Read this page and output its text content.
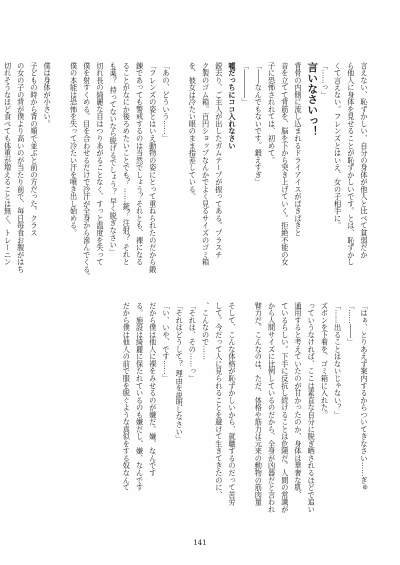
言えない、恥ずかしい、自分の身体が他人と比べて貧弱だか
ら他人に身体を見せることが恥ずかしいです。とは、恥ずかし
くて言えない。フレンズとはいえ、女の子相手に。
「……っ」
言いなさいっ！
背骨の内側に流し込まれるドライアイスがぱきぱきと
音を立てて背筋を、脳を下から突き上げていく。拒絶不能の女
子に恐怖されれては、初めて。
「――なんでもないです。鍛えすぎ」
「――――」
嘘だっちにココ入れなさい
鋭去り、ご主人が出したガムテープが振ってある。プラスチ
ク製のゴム箱。百円ショップなんかでよく見るサイズのゴミ箱
を、彼女は冷たい眼のまま指差している。

「あの、どういう……」
「フレンズの姿とはいえ動物の姿にとって重ねられたのだから鍛
錬であっても警戒するのは当然でしょう？それとも、裸になる
ることがなにか後ろめたいことでも？ ……銃？ 注射？ それと
も薬？ 持ってないなら脱げるでしょう？ 早く脱ぎなさい」
切れ長の綺麗な目はつりあがることなく、すっと温度を失って
僕を射すくめる。目を合わせるだけで冷汗が全身から滲んでくる。
僕の本能は恐怖を失って冷たい汗を噴き出し始める。

僕は身体が小さい。
子どもの時から背の順で並ぶと前の方だった。クラス
の女の子の背が僕より高いのが当たり前で、毎日毎食お腹がはち
切れそうなほど食べても体重が増えることは無く、トレーニン
「はぁ、とりあえず案内するからついてきなさい……ぎゅ
「……――」
「……出ることはないじゃない？」
ズボンを下着を、ゴミ箱に入れた。
っていうなければ、ここは素直な自分に脱ぎ晒されるほどで追い
通用すると考えていたのが甘かったのか、身体は華奢な肌、
ているらしい。下手に反抗し続けることは危険だ。人間の常識が
から人間サイズに比例しているのだから、全身が凶器だと言われ
臂力だ。こんなのは、ただ、体格や筋力は元来の動物の筋肉量

そして、こんな体格が恥ずかしいから、就職するのだって苦労
して。今だって人に見られることを避けて生きてきたのに、
、こんなので……
「それは、その……っ」
「それはどうして？ 理由を説明しなさい」
「い、いや、です……」
だから僕は他人に裸をみせるのが嫌だ。嫌、なんです
る。施設は綺麗に保たれているのも嫌だし、嫌、なんです
だから僕は他人の前で服を脱ぐような真似をする奴なんて
141
